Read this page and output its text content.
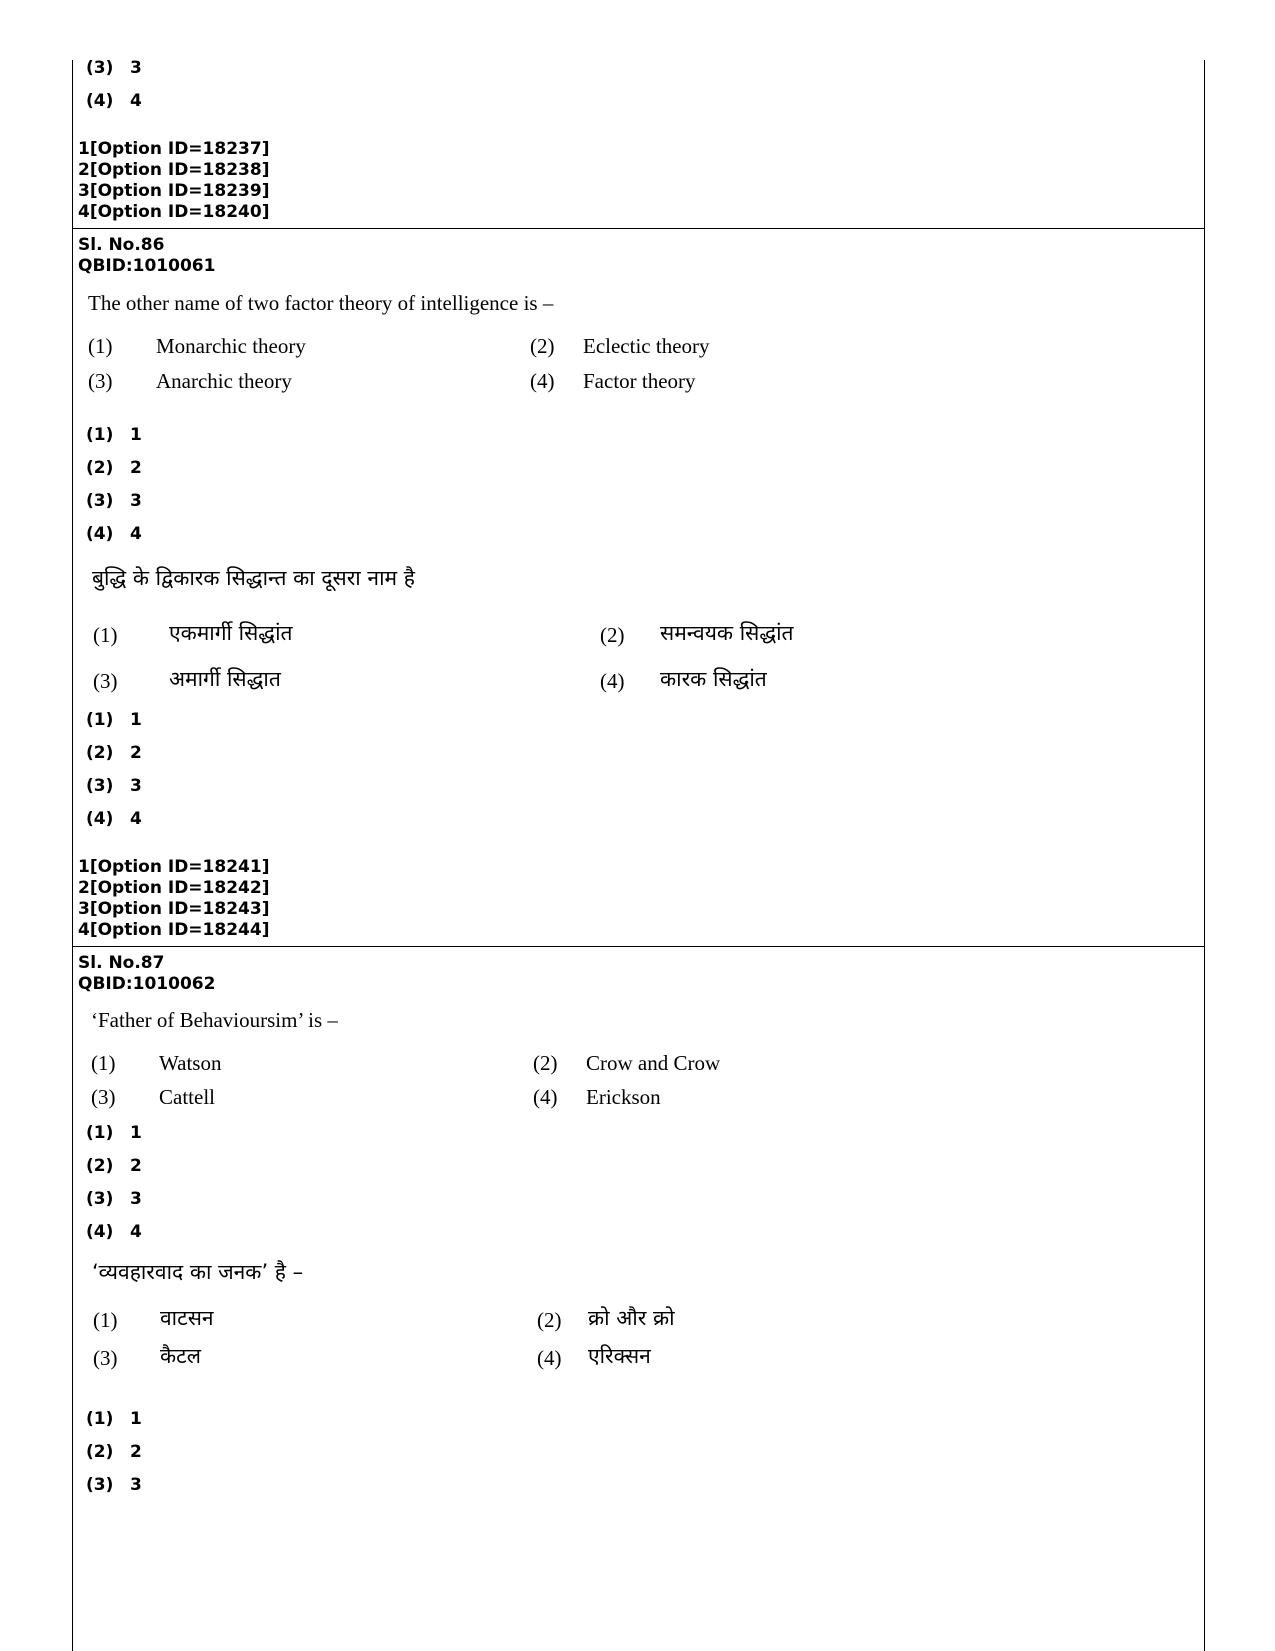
(3) 3
(4) 4
1[Option ID=18237]
2[Option ID=18238]
3[Option ID=18239]
4[Option ID=18240]
Sl. No.86
QBID:1010061
The other name of two factor theory of intelligence is –
(1) Monarchic theory	(2) Eclectic theory
(3) Anarchic theory	(4) Factor theory
(1) 1
(2) 2
(3) 3
(4) 4
बुद्धि के द्विकारक सिद्धान्त का दूसरा नाम है
(1) एकमार्गी सिद्धांत	(2) समन्वयक सिद्धांत
(3) अमार्गी सिद्धात	(4) कारक सिद्धांत
(1) 1
(2) 2
(3) 3
(4) 4
1[Option ID=18241]
2[Option ID=18242]
3[Option ID=18243]
4[Option ID=18244]
Sl. No.87
QBID:1010062
‘Father of Behavioursim’ is –
(1) Watson	(2) Crow and Crow
(3) Cattell	(4) Erickson
(1) 1
(2) 2
(3) 3
(4) 4
‘व्यवहारवाद का जनक’ है –
(1) वाटसन	(2) क्रो और क्रो
(3) कैटल	(4) एरिक्सन
(1) 1
(2) 2
(3) 3
